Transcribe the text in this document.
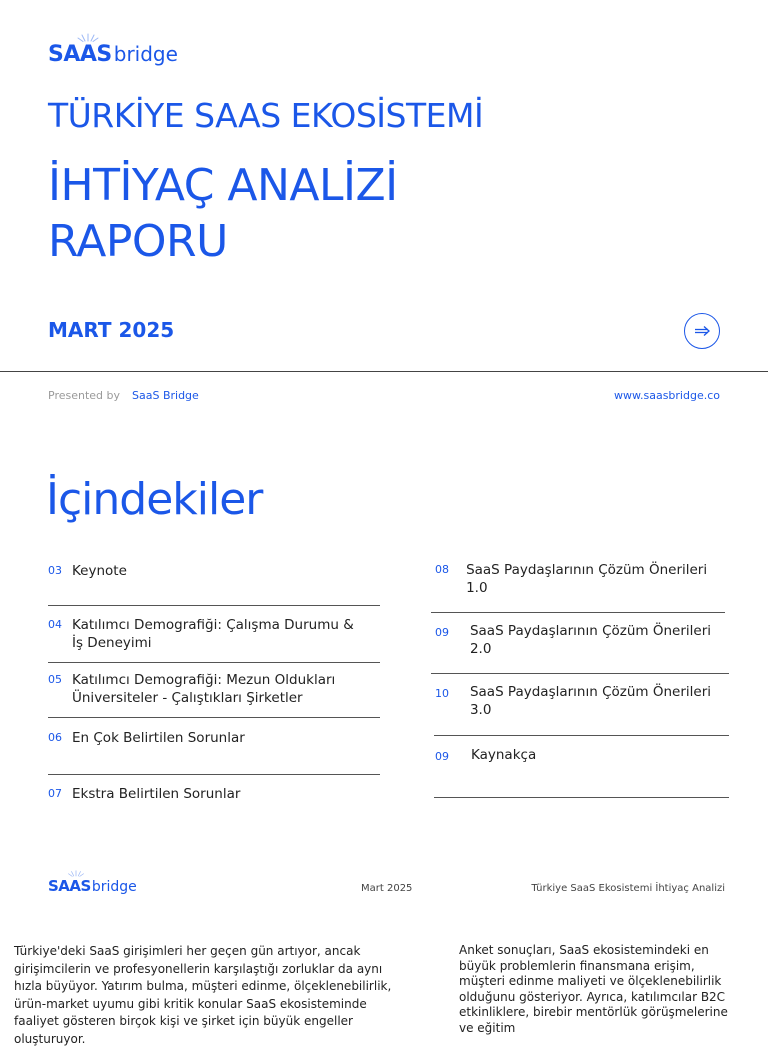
SAAS bridge
TÜRKİYE SAAS EKOSİSTEMİ
İHTİYAÇ ANALİZİ
RAPORU
MART 2025
Presented by SaaS Bridge	www.saasbridge.co
İçindekiler
03 Keynote
04 Katılımcı Demografiği: Çalışma Durumu & İş Deneyimi
05 Katılımcı Demografiği: Mezun Oldukları Üniversiteler - Çalıştıkları Şirketler
06 En Çok Belirtilen Sorunlar
07 Ekstra Belirtilen Sorunlar
08	SaaS Paydaşlarının Çözüm Önerileri 1.0
09	SaaS Paydaşlarının Çözüm Önerileri 2.0
10	SaaS Paydaşlarının Çözüm Önerileri 3.0
09	Kaynakça
SAAS bridge	Mart 2025	Türkiye SaaS Ekosistemi İhtiyaç Analizi
Türkiye'deki SaaS girişimleri her geçen gün artıyor, ancak girişimcilerin ve profesyonellerin karşılaştığı zorluklar da aynı hızla büyüyor. Yatırım bulma, müşteri edinme, ölçeklenebilirlik, ürün-market uyumu gibi kritik konular SaaS ekosisteminde faaliyet gösteren birçok kişi ve şirket için büyük engeller oluşturuyor.
Anket sonuçları, SaaS ekosistemindeki en büyük problemlerin finansmana erişim, müşteri edinme maliyeti ve ölçeklenebilirlik olduğunu gösteriyor. Ayrıca, katılımcılar B2C etkinliklere, birebir mentörlük görüşmelerine ve eğitim
